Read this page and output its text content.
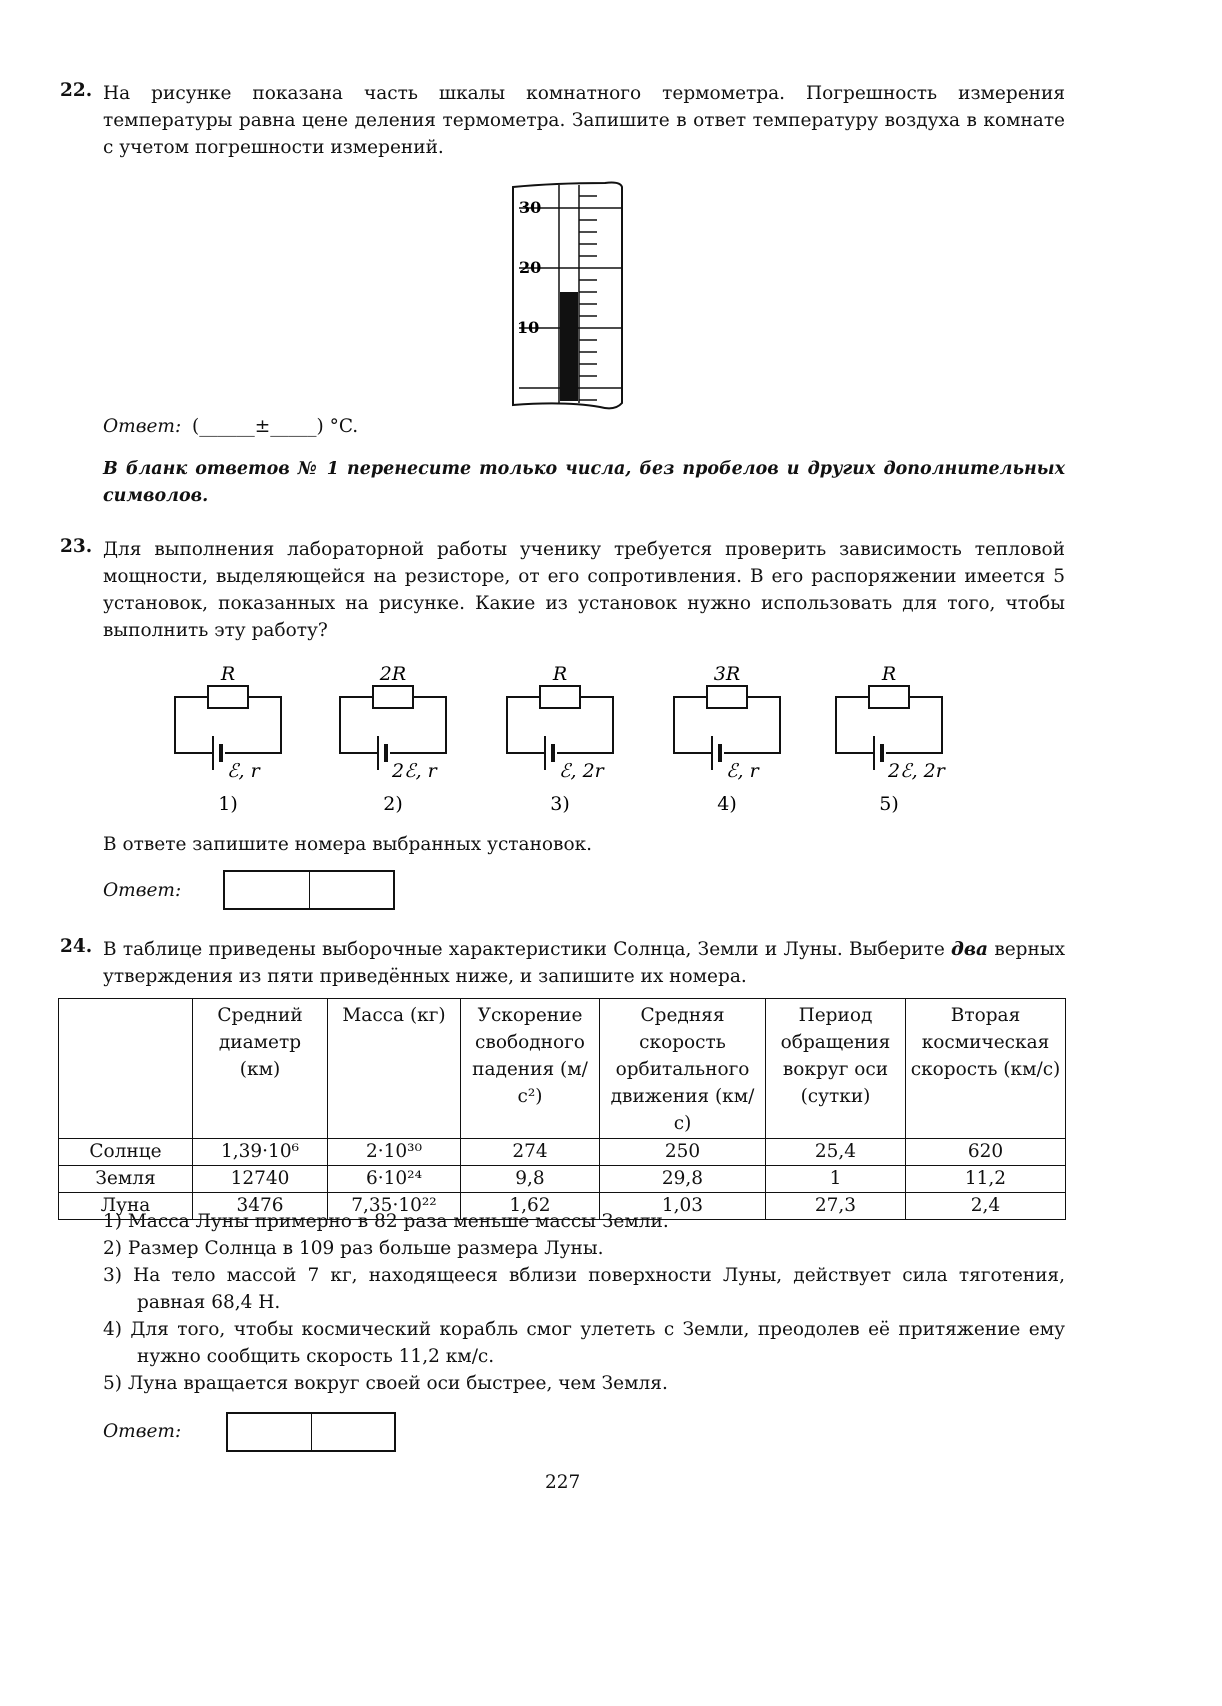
22. На рисунке показана часть шкалы комнатного термометра. Погрешность измерения температуры равна цене деления термометра. Запишите в ответ температуру воздуха в комнате с учетом погрешности измерений.
30
20
10
Ответ: (______±_____) °C.
В бланк ответов № 1 перенесите только числа, без пробелов и других дополнительных символов.
23. Для выполнения лабораторной работы ученику требуется проверить зависимость тепловой мощности, выделяющейся на резисторе, от его сопротивления. В его распоряжении имеется 5 установок, показанных на рисунке. Какие из установок нужно использовать для того, чтобы выполнить эту работу?
R
ℰ, r
1)
2R
2ℰ, r
2)
R
ℰ, 2r
3)
3R
ℰ, r
4)
R
2ℰ, 2r
5)
В ответе запишите номера выбранных установок.
Ответ:
24. В таблице приведены выборочные характеристики Солнца, Земли и Луны. Выберите два верных утверждения из пяти приведённых ниже, и запишите их номера.
	Средний диаметр (км)	Масса (кг)	Ускорение свободного падения (м/с²)	Средняя скорость орбитального движения (км/с)	Период обращения вокруг оси (сутки)	Вторая космическая скорость (км/с)
Солнце	1,39·10⁶	2·10³⁰	274	250	25,4	620
Земля	12740	6·10²⁴	9,8	29,8	1	11,2
Луна	3476	7,35·10²²	1,62	1,03	27,3	2,4
1) Масса Луны примерно в 82 раза меньше массы Земли.
2) Размер Солнца в 109 раз больше размера Луны.
3) На тело массой 7 кг, находящееся вблизи поверхности Луны, действует сила тяготения, равная 68,4 Н.
4) Для того, чтобы космический корабль смог улететь с Земли, преодолев её притяжение ему нужно сообщить скорость 11,2 км/с.
5) Луна вращается вокруг своей оси быстрее, чем Земля.
Ответ:
227
